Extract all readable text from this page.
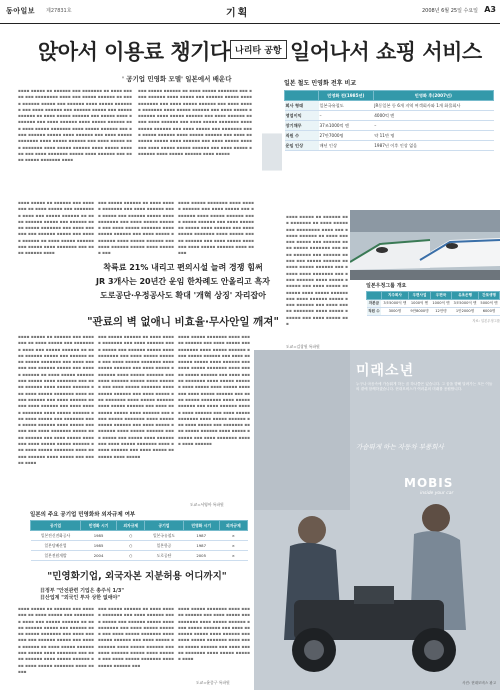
동아일보 제27831호	기획	2008년 6월 25일 수요일 A3
앉아서 이용료 챙기다 나리타 공항 일어나서 쇼핑 서비스
' 공기업 민영화 모델' 일본에서 배운다
▪▪▪▪ ▪▪▪▪▪ ▪▪ ▪▪▪▪▪▪ ▪▪▪ ▪▪▪▪▪▪▪ ▪▪ ▪▪▪▪ ▪▪▪▪▪ ▪▪▪ ▪▪▪▪▪▪▪▪ ▪▪▪▪ ▪▪▪ ▪▪▪▪▪ ▪▪▪▪▪▪ ▪▪ ▪▪▪▪ ▪▪▪▪▪▪ ▪▪▪▪▪ ▪▪▪ ▪▪▪▪▪▪ ▪▪▪▪ ▪▪▪▪▪ ▪▪▪▪▪▪▪ ▪▪▪ ▪▪▪▪ ▪▪▪▪▪▪ ▪▪▪ ▪▪▪▪▪▪ ▪▪▪▪▪ ▪▪▪ ▪▪▪▪▪ ▪▪▪▪▪▪ ▪▪ ▪▪▪▪ ▪▪▪▪▪ ▪▪▪▪▪▪ ▪▪▪ ▪▪▪▪▪ ▪▪▪▪ ▪▪▪▪▪▪▪ ▪▪▪ ▪▪▪▪ ▪▪▪▪▪▪ ▪▪▪▪ ▪▪▪▪▪ ▪▪▪▪▪▪ ▪▪▪ ▪▪▪▪ ▪▪▪▪▪ ▪▪▪▪▪▪▪ ▪▪▪▪ ▪▪▪▪▪ ▪▪▪▪▪▪ ▪▪▪ ▪▪▪▪ ▪▪▪▪▪▪ ▪▪▪▪▪ ▪▪▪▪ ▪▪▪▪▪▪ ▪▪▪ ▪▪▪▪ ▪▪▪▪▪ ▪▪▪▪▪▪▪ ▪▪▪▪ ▪▪▪▪▪ ▪▪▪▪▪▪ ▪▪▪ ▪▪▪▪ ▪▪▪▪▪ ▪▪▪ ▪▪▪▪▪▪▪ ▪▪▪▪ ▪▪▪▪▪ ▪▪▪▪▪▪ ▪▪▪▪ ▪▪▪▪▪ ▪▪▪▪▪▪ ▪▪▪ ▪▪▪▪ ▪▪▪▪▪▪▪ ▪▪▪▪▪ ▪▪▪▪ ▪▪▪▪▪▪ ▪▪▪ ▪▪▪▪ ▪▪▪▪▪ ▪▪▪▪▪▪▪ ▪▪▪▪
▪▪▪ ▪▪▪▪▪ ▪▪▪▪▪▪ ▪▪ ▪▪▪▪ ▪▪▪▪▪ ▪▪▪▪▪▪▪ ▪▪▪ ▪▪▪▪ ▪▪▪▪▪▪ ▪▪▪▪ ▪▪▪▪▪ ▪▪▪ ▪▪▪▪▪▪ ▪▪▪▪▪ ▪▪▪▪ ▪▪▪▪▪▪▪ ▪▪▪ ▪▪▪▪ ▪▪▪▪▪ ▪▪▪▪▪▪ ▪▪▪ ▪▪▪▪ ▪▪▪▪▪ ▪▪▪▪▪▪▪ ▪▪▪▪ ▪▪▪▪▪ ▪▪▪▪▪▪ ▪▪▪ ▪▪▪▪ ▪▪▪▪▪ ▪▪▪▪▪▪▪ ▪▪▪▪ ▪▪▪▪▪ ▪▪▪▪▪▪ ▪▪▪ ▪▪▪▪ ▪▪▪▪▪▪ ▪▪▪▪▪ ▪▪▪▪ ▪▪▪▪▪▪ ▪▪▪ ▪▪▪▪ ▪▪▪▪▪ ▪▪▪▪▪▪▪ ▪▪▪▪ ▪▪▪▪▪ ▪▪▪▪▪▪ ▪▪▪ ▪▪▪▪ ▪▪▪▪▪ ▪▪▪ ▪▪▪▪▪▪▪ ▪▪▪▪ ▪▪▪▪▪ ▪▪▪▪▪▪ ▪▪▪▪ ▪▪▪▪▪ ▪▪▪▪▪▪ ▪▪▪ ▪▪▪▪ ▪▪▪▪▪▪▪ ▪▪▪▪▪ ▪▪▪▪ ▪▪▪▪▪▪ ▪▪▪ ▪▪▪▪ ▪▪▪▪▪ ▪▪▪▪▪▪▪ ▪▪▪▪ ▪▪▪▪▪ ▪▪▪▪▪ ▪▪▪▪▪▪ ▪▪▪ ▪▪▪▪ ▪▪▪▪▪ ▪▪▪▪▪▪▪ ▪▪▪▪ ▪▪▪▪▪ ▪▪▪▪▪▪ ▪▪▪▪ ▪▪▪▪▪
▪▪▪▪ ▪▪▪▪▪ ▪▪ ▪▪▪▪▪▪ ▪▪▪ ▪▪▪▪▪▪▪ ▪▪ ▪▪▪▪ ▪▪▪▪▪ ▪▪▪ ▪▪▪▪▪▪▪▪ ▪▪▪▪ ▪▪▪ ▪▪▪▪▪ ▪▪▪▪▪▪ ▪▪ ▪▪▪▪ ▪▪▪▪▪▪ ▪▪▪▪▪ ▪▪▪ ▪▪▪▪▪▪ ▪▪▪▪ ▪▪▪▪▪ ▪▪▪▪▪▪▪ ▪▪▪ ▪▪▪▪ ▪▪▪▪▪▪ ▪▪▪ ▪▪▪▪▪▪ ▪▪▪▪▪ ▪▪▪ ▪▪▪▪▪ ▪▪▪▪▪▪ ▪▪ ▪▪▪▪ ▪▪▪▪▪ ▪▪▪▪▪▪ ▪▪▪ ▪▪▪▪▪ ▪▪▪▪ ▪▪▪▪▪▪▪ ▪▪▪ ▪▪▪▪ ▪▪▪▪▪▪ ▪▪▪▪
▪▪▪ ▪▪▪▪▪ ▪▪▪▪▪▪ ▪▪ ▪▪▪▪ ▪▪▪▪▪ ▪▪▪▪▪▪▪ ▪▪▪ ▪▪▪▪ ▪▪▪▪▪▪ ▪▪▪▪ ▪▪▪▪▪ ▪▪▪ ▪▪▪▪▪▪ ▪▪▪▪▪ ▪▪▪▪ ▪▪▪▪▪▪▪ ▪▪▪ ▪▪▪▪ ▪▪▪▪▪ ▪▪▪▪▪▪ ▪▪▪ ▪▪▪▪ ▪▪▪▪▪ ▪▪▪▪▪▪▪ ▪▪▪▪ ▪▪▪▪▪ ▪▪▪▪▪▪ ▪▪▪ ▪▪▪▪ ▪▪▪▪▪ ▪▪▪▪▪▪▪ ▪▪▪▪ ▪▪▪▪▪ ▪▪▪▪▪▪ ▪▪▪ ▪▪▪▪ ▪▪▪▪▪▪ ▪▪▪▪▪ ▪▪▪▪ ▪▪▪▪▪▪ ▪▪▪
▪▪▪▪ ▪▪▪▪▪ ▪▪▪▪▪▪▪ ▪▪▪▪ ▪▪▪▪▪ ▪▪▪▪▪▪ ▪▪▪ ▪▪▪▪ ▪▪▪▪▪ ▪▪▪ ▪▪▪▪▪▪▪ ▪▪▪▪ ▪▪▪▪▪ ▪▪▪▪▪▪ ▪▪▪▪ ▪▪▪▪▪ ▪▪▪▪▪▪ ▪▪▪ ▪▪▪▪ ▪▪▪▪▪▪▪ ▪▪▪▪▪ ▪▪▪▪ ▪▪▪▪▪▪ ▪▪▪ ▪▪▪▪ ▪▪▪▪▪ ▪▪▪▪▪▪▪ ▪▪▪▪ ▪▪▪▪▪ ▪▪▪▪▪ ▪▪▪▪▪▪ ▪▪▪ ▪▪▪▪ ▪▪▪▪▪ ▪▪▪▪▪▪▪ ▪▪▪▪ ▪▪▪▪▪ ▪▪▪▪▪▪ ▪▪▪▪ ▪▪▪▪▪
일본 철도 민영화 전후 비교
	민영화 전(1985년)	민영화 후(2007년)
회사 형태	일본국유철도	JR동일본 등 6개 지역 여객회사와 1개 화물회사
영업이익	–	4000억 엔
장기채무	37조1000억 엔	–
직원 수	27만7000명	약 11만 명
운임 인상	매년 인상	1987년 이후 인상 없음
일본우정그룹 개요
	지주회사	우편사업	우편국	유초은행	간포생명
자본금	3조5000억 엔	1000억 엔	1000억 엔	3조5000억 엔	5000억 엔
직원 수	3000명	9만8000명	12만명	1만2000명	6000명
자료: 일본우정그룹
▪▪▪▪ ▪▪▪▪▪ ▪▪ ▪▪▪▪▪▪ ▪▪▪ ▪▪▪▪▪▪▪ ▪▪ ▪▪▪▪ ▪▪▪▪▪ ▪▪▪ ▪▪▪▪▪▪▪▪ ▪▪▪▪ ▪▪▪ ▪▪▪▪▪ ▪▪▪▪▪▪ ▪▪ ▪▪▪▪ ▪▪▪▪▪▪ ▪▪▪▪▪ ▪▪▪ ▪▪▪▪▪▪ ▪▪▪▪ ▪▪▪▪▪ ▪▪▪▪▪▪▪ ▪▪▪ ▪▪▪▪ ▪▪▪▪▪▪ ▪▪▪ ▪▪▪▪▪▪ ▪▪▪▪▪ ▪▪▪ ▪▪▪▪▪ ▪▪▪▪▪▪ ▪▪ ▪▪▪▪ ▪▪▪▪▪ ▪▪▪▪▪▪ ▪▪▪ ▪▪▪▪▪ ▪▪▪▪ ▪▪▪▪▪▪▪ ▪▪▪ ▪▪▪▪ ▪▪▪▪▪▪ ▪▪▪▪ ▪▪▪▪▪ ▪▪▪▪▪▪ ▪▪▪ ▪▪▪▪ ▪▪▪▪▪ ▪▪▪▪▪▪▪ ▪▪▪▪ ▪▪▪▪▪ ▪▪▪▪▪▪ ▪▪▪ ▪▪▪▪ ▪▪▪▪▪▪ ▪▪▪▪▪ ▪▪▪▪ ▪▪▪▪▪▪ ▪▪▪ ▪▪▪▪ ▪▪▪▪▪ ▪▪▪▪▪▪▪ ▪▪▪▪ ▪▪▪▪▪ ▪▪▪▪▪▪ ▪▪▪ ▪▪▪▪ ▪▪▪▪▪ ▪▪▪
착륙료 21% 내리고 편의시설 늘려 경쟁 힘써
JR 3개사는 20년간 운임 한차례도 안올리고 흑자
도로공단·우정공사도 확대 '개혁 상징' 자리잡아
"관료의 벽 없애니 비효율·무사안일 깨져"
▪▪▪▪ ▪▪▪▪▪ ▪▪ ▪▪▪▪▪▪ ▪▪▪ ▪▪▪▪▪▪▪ ▪▪ ▪▪▪▪ ▪▪▪▪▪ ▪▪▪ ▪▪▪▪▪▪▪▪ ▪▪▪▪ ▪▪▪ ▪▪▪▪▪ ▪▪▪▪▪▪ ▪▪ ▪▪▪▪ ▪▪▪▪▪▪ ▪▪▪▪▪ ▪▪▪ ▪▪▪▪▪▪ ▪▪▪▪ ▪▪▪▪▪ ▪▪▪▪▪▪▪ ▪▪▪ ▪▪▪▪ ▪▪▪▪▪▪ ▪▪▪ ▪▪▪▪▪▪ ▪▪▪▪▪ ▪▪▪ ▪▪▪▪▪ ▪▪▪▪▪▪ ▪▪ ▪▪▪▪ ▪▪▪▪▪ ▪▪▪▪▪▪ ▪▪▪ ▪▪▪▪▪ ▪▪▪▪ ▪▪▪▪▪▪▪ ▪▪▪ ▪▪▪▪ ▪▪▪▪▪▪ ▪▪▪▪ ▪▪▪▪▪ ▪▪▪▪▪▪ ▪▪▪ ▪▪▪▪ ▪▪▪▪▪ ▪▪▪▪▪▪▪ ▪▪▪▪ ▪▪▪▪▪ ▪▪▪▪▪▪ ▪▪▪ ▪▪▪▪ ▪▪▪▪▪▪ ▪▪▪▪▪ ▪▪▪▪ ▪▪▪▪▪▪ ▪▪▪ ▪▪▪▪ ▪▪▪▪▪ ▪▪▪▪▪▪▪ ▪▪▪▪ ▪▪▪▪▪ ▪▪▪▪▪▪ ▪▪▪ ▪▪▪▪ ▪▪▪▪▪ ▪▪▪ ▪▪▪▪▪▪▪ ▪▪▪▪ ▪▪▪▪▪ ▪▪▪▪▪▪ ▪▪▪▪ ▪▪▪▪▪ ▪▪▪▪▪▪ ▪▪▪ ▪▪▪▪ ▪▪▪▪▪▪▪ ▪▪▪▪▪ ▪▪▪▪ ▪▪▪▪▪▪ ▪▪▪ ▪▪▪▪ ▪▪▪▪▪ ▪▪▪▪▪▪▪ ▪▪▪▪ ▪▪▪▪▪ ▪▪▪▪▪ ▪▪▪▪▪▪ ▪▪▪ ▪▪▪▪ ▪▪▪▪▪ ▪▪▪▪▪▪▪ ▪▪▪▪ ▪▪▪▪▪ ▪▪▪▪▪▪ ▪▪▪▪ ▪▪▪▪▪ ▪▪▪ ▪▪▪▪▪ ▪▪▪▪
▪▪▪ ▪▪▪▪▪ ▪▪▪▪▪▪ ▪▪ ▪▪▪▪ ▪▪▪▪▪ ▪▪▪▪▪▪▪ ▪▪▪ ▪▪▪▪ ▪▪▪▪▪▪ ▪▪▪▪ ▪▪▪▪▪ ▪▪▪ ▪▪▪▪▪▪ ▪▪▪▪▪ ▪▪▪▪ ▪▪▪▪▪▪▪ ▪▪▪ ▪▪▪▪ ▪▪▪▪▪ ▪▪▪▪▪▪ ▪▪▪ ▪▪▪▪ ▪▪▪▪▪ ▪▪▪▪▪▪▪ ▪▪▪▪ ▪▪▪▪▪ ▪▪▪▪▪▪ ▪▪▪ ▪▪▪▪ ▪▪▪▪▪ ▪▪▪▪▪▪▪ ▪▪▪▪ ▪▪▪▪▪ ▪▪▪▪▪▪ ▪▪▪ ▪▪▪▪ ▪▪▪▪▪▪ ▪▪▪▪▪ ▪▪▪▪ ▪▪▪▪▪▪ ▪▪▪ ▪▪▪▪ ▪▪▪▪▪ ▪▪▪▪▪▪▪ ▪▪▪▪ ▪▪▪▪▪ ▪▪▪▪▪▪ ▪▪▪ ▪▪▪▪ ▪▪▪▪▪ ▪▪▪ ▪▪▪▪▪▪▪ ▪▪▪▪ ▪▪▪▪▪ ▪▪▪▪▪▪ ▪▪▪▪ ▪▪▪▪▪ ▪▪▪▪▪▪ ▪▪▪ ▪▪▪▪ ▪▪▪▪▪▪▪ ▪▪▪▪▪ ▪▪▪▪ ▪▪▪▪▪▪ ▪▪▪ ▪▪▪▪ ▪▪▪▪▪ ▪▪▪▪▪▪▪ ▪▪▪▪ ▪▪▪▪▪ ▪▪▪▪▪ ▪▪▪▪▪▪ ▪▪▪ ▪▪▪▪ ▪▪▪▪▪ ▪▪▪▪▪▪▪ ▪▪▪▪ ▪▪▪▪▪ ▪▪▪▪▪▪ ▪▪▪▪ ▪▪▪▪▪ ▪▪▪ ▪▪▪▪▪ ▪▪▪▪ ▪▪▪▪▪▪ ▪▪▪ ▪▪▪▪ ▪▪▪▪▪ ▪▪▪▪▪▪▪ ▪▪▪▪ ▪▪▪▪▪ ▪▪▪▪▪▪ ▪▪▪ ▪▪▪▪ ▪▪▪▪▪ ▪▪▪▪▪▪▪ ▪▪▪▪ ▪▪▪▪▪
▪▪▪▪ ▪▪▪▪▪ ▪▪▪▪▪▪▪ ▪▪▪▪ ▪▪▪▪▪ ▪▪▪▪▪▪ ▪▪▪ ▪▪▪▪ ▪▪▪▪▪ ▪▪▪ ▪▪▪▪▪▪▪ ▪▪▪▪ ▪▪▪▪▪ ▪▪▪▪▪▪ ▪▪▪▪ ▪▪▪▪▪ ▪▪▪▪▪▪ ▪▪▪ ▪▪▪▪ ▪▪▪▪▪▪▪ ▪▪▪▪▪ ▪▪▪▪ ▪▪▪▪▪▪ ▪▪▪ ▪▪▪▪ ▪▪▪▪▪ ▪▪▪▪▪▪▪ ▪▪▪▪ ▪▪▪▪▪ ▪▪▪▪▪ ▪▪▪▪▪▪ ▪▪▪ ▪▪▪▪ ▪▪▪▪▪ ▪▪▪▪▪▪▪ ▪▪▪▪ ▪▪▪▪▪ ▪▪▪▪▪▪ ▪▪▪▪ ▪▪▪▪▪ ▪▪▪▪ ▪▪▪▪▪ ▪▪▪▪▪▪▪ ▪▪▪▪ ▪▪▪▪▪ ▪▪▪▪▪▪ ▪▪▪ ▪▪▪▪ ▪▪▪▪▪ ▪▪▪▪▪▪▪ ▪▪▪▪ ▪▪▪▪▪ ▪▪▪▪▪▪ ▪▪▪ ▪▪▪▪ ▪▪▪▪▪▪ ▪▪▪▪▪ ▪▪▪▪ ▪▪▪▪▪▪ ▪▪▪ ▪▪▪▪ ▪▪▪▪▪ ▪▪▪▪▪▪▪ ▪▪▪▪ ▪▪▪▪▪ ▪▪▪▪▪▪ ▪▪▪ ▪▪▪▪ ▪▪▪▪▪ ▪▪▪ ▪▪▪▪▪▪▪ ▪▪▪▪ ▪▪▪▪▪ ▪▪▪▪▪▪ ▪▪▪▪ ▪▪▪▪▪ ▪▪▪▪▪▪ ▪▪▪ ▪▪▪▪ ▪▪▪▪▪▪▪ ▪▪▪▪▪ ▪▪▪▪ ▪▪▪▪▪▪
미래소년
누구나 마음속에 가슴뛰게 하는 꿈 하나쯤은 있습니다. 그 꿈을 향해 달려가는 모든 이들의 곁에 함께하겠습니다. 현대모비스가 여러분의 미래를 응원합니다.
가슴뛰게 하는 자동차 부품회사
MOBIS
inside your car
사진: 현대모비스 광고
일본의 주요 공기업 민영화와 외자규제 여부
공기업	민영화 시기	외자규제	공기업	민영화 시기	외자규제
일본전신전화공사	1985	○	일본국유철도	1987	×
일본담배산업	1985	○	일본항공	1987	×
일본전원개발	2004	○	도로공단	2005	×
"민영화기업, 외국자본 지분허용 어디까지"
日정부 "안전관련 기업은 총주식 1/3"
日산업계 "외국인 투자 상한 없애야"
▪▪▪▪ ▪▪▪▪▪ ▪▪ ▪▪▪▪▪▪ ▪▪▪ ▪▪▪▪▪▪▪ ▪▪ ▪▪▪▪ ▪▪▪▪▪ ▪▪▪ ▪▪▪▪▪▪▪▪ ▪▪▪▪ ▪▪▪ ▪▪▪▪▪ ▪▪▪▪▪▪ ▪▪ ▪▪▪▪ ▪▪▪▪▪▪ ▪▪▪▪▪ ▪▪▪ ▪▪▪▪▪▪ ▪▪▪▪ ▪▪▪▪▪ ▪▪▪▪▪▪▪ ▪▪▪ ▪▪▪▪ ▪▪▪▪▪▪ ▪▪▪ ▪▪▪▪▪▪ ▪▪▪▪▪ ▪▪▪ ▪▪▪▪▪ ▪▪▪▪▪▪ ▪▪ ▪▪▪▪ ▪▪▪▪▪ ▪▪▪▪▪▪ ▪▪▪ ▪▪▪▪▪ ▪▪▪▪ ▪▪▪▪▪▪▪ ▪▪▪ ▪▪▪▪ ▪▪▪▪▪▪ ▪▪▪▪ ▪▪▪▪▪ ▪▪▪▪▪▪ ▪▪▪ ▪▪▪▪ ▪▪▪▪▪ ▪▪▪▪▪▪▪ ▪▪▪▪ ▪▪▪▪▪
▪▪▪ ▪▪▪▪▪ ▪▪▪▪▪▪ ▪▪ ▪▪▪▪ ▪▪▪▪▪ ▪▪▪▪▪▪▪ ▪▪▪ ▪▪▪▪ ▪▪▪▪▪▪ ▪▪▪▪ ▪▪▪▪▪ ▪▪▪ ▪▪▪▪▪▪ ▪▪▪▪▪ ▪▪▪▪ ▪▪▪▪▪▪▪ ▪▪▪ ▪▪▪▪ ▪▪▪▪▪ ▪▪▪▪▪▪ ▪▪▪ ▪▪▪▪ ▪▪▪▪▪ ▪▪▪▪▪▪▪ ▪▪▪▪ ▪▪▪▪▪ ▪▪▪▪▪▪ ▪▪▪ ▪▪▪▪ ▪▪▪▪▪ ▪▪▪▪▪▪▪ ▪▪▪▪ ▪▪▪▪▪ ▪▪▪▪▪▪ ▪▪▪ ▪▪▪▪ ▪▪▪▪▪▪ ▪▪▪▪▪ ▪▪▪▪ ▪▪▪▪▪▪ ▪▪▪ ▪▪▪▪ ▪▪▪▪▪ ▪▪▪▪▪▪▪ ▪▪▪▪ ▪▪▪▪▪ ▪▪▪▪▪▪ ▪▪▪
▪▪▪▪ ▪▪▪▪▪ ▪▪▪▪▪▪▪ ▪▪▪▪ ▪▪▪▪▪ ▪▪▪▪▪▪ ▪▪▪ ▪▪▪▪ ▪▪▪▪▪ ▪▪▪ ▪▪▪▪▪▪▪ ▪▪▪▪ ▪▪▪▪▪ ▪▪▪▪▪▪ ▪▪▪▪ ▪▪▪▪▪ ▪▪▪▪▪▪ ▪▪▪ ▪▪▪▪ ▪▪▪▪▪▪▪ ▪▪▪▪▪ ▪▪▪▪ ▪▪▪▪▪▪ ▪▪▪ ▪▪▪▪ ▪▪▪▪▪ ▪▪▪▪▪▪▪ ▪▪▪▪ ▪▪▪▪▪ ▪▪▪▪▪ ▪▪▪▪▪▪ ▪▪▪ ▪▪▪▪ ▪▪▪▪▪ ▪▪▪▪▪▪▪ ▪▪▪▪ ▪▪▪▪▪ ▪▪▪▪▪▪ ▪▪▪▪
도쿄=김창원 특파원
도쿄=서영아 특파원
도쿄=윤종구 특파원
